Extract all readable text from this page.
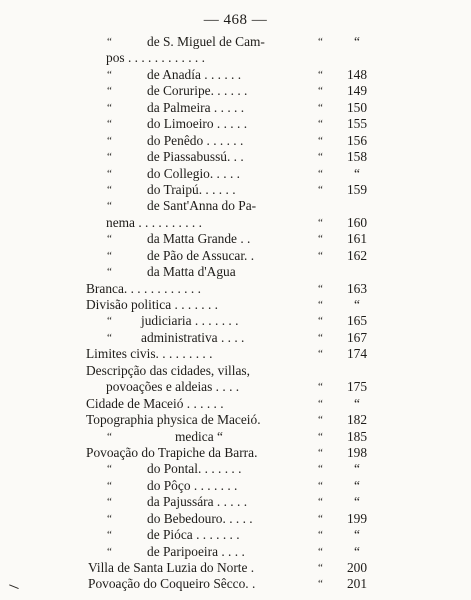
— 468 —
“	de S. Miguel de Cam-	“	“
pos . . . . . . . . . . . .
“	de Anadía . . . . . .	“	148
“	de Coruripe. . . . . .	“	149
“	da Palmeira . . . . .	“	150
“	do Limoeiro . . . . .	“	155
“	do Penêdo . . . . . .	“	156
“	de Piassabussú. . .	“	158
“	do Collegio. . . . .	“	“
“	do Traipú. . . . . .	“	159
“	de Sant'Anna do Pa-
nema . . . . . . . . . .	“	160
“	da Matta Grande . .	“	161
“	de Pão de Assucar. .	“	162
“	da Matta d'Agua
Branca. . . . . . . . . . . .	“	163
Divisão politica . . . . . . .	“	“
“ judiciaria . . . . . . .	“	165
“ administrativa . . . .	“	167
Limites civis. . . . . . . . .	“	174
Descripção das cidades, villas,
povoações e aldeias . . . .	“	175
Cidade de Maceió . . . . . .	“	“
Topographia physica de Maceió.	“	182
“	medica “	“	185
Povoação do Trapiche da Barra.	“	198
“	do Pontal. . . . . . .	“	“
“	do Pôço . . . . . . .	“	“
“	da Pajussára . . . . .	“	“
“	do Bebedouro. . . . .	“	199
“	de Pióca . . . . . . .	“	“
“	de Paripoeira . . . .	“	“
Villa de Santa Luzia do Norte .	“	200
Povoação do Coqueiro Sêcco. .	“	201
